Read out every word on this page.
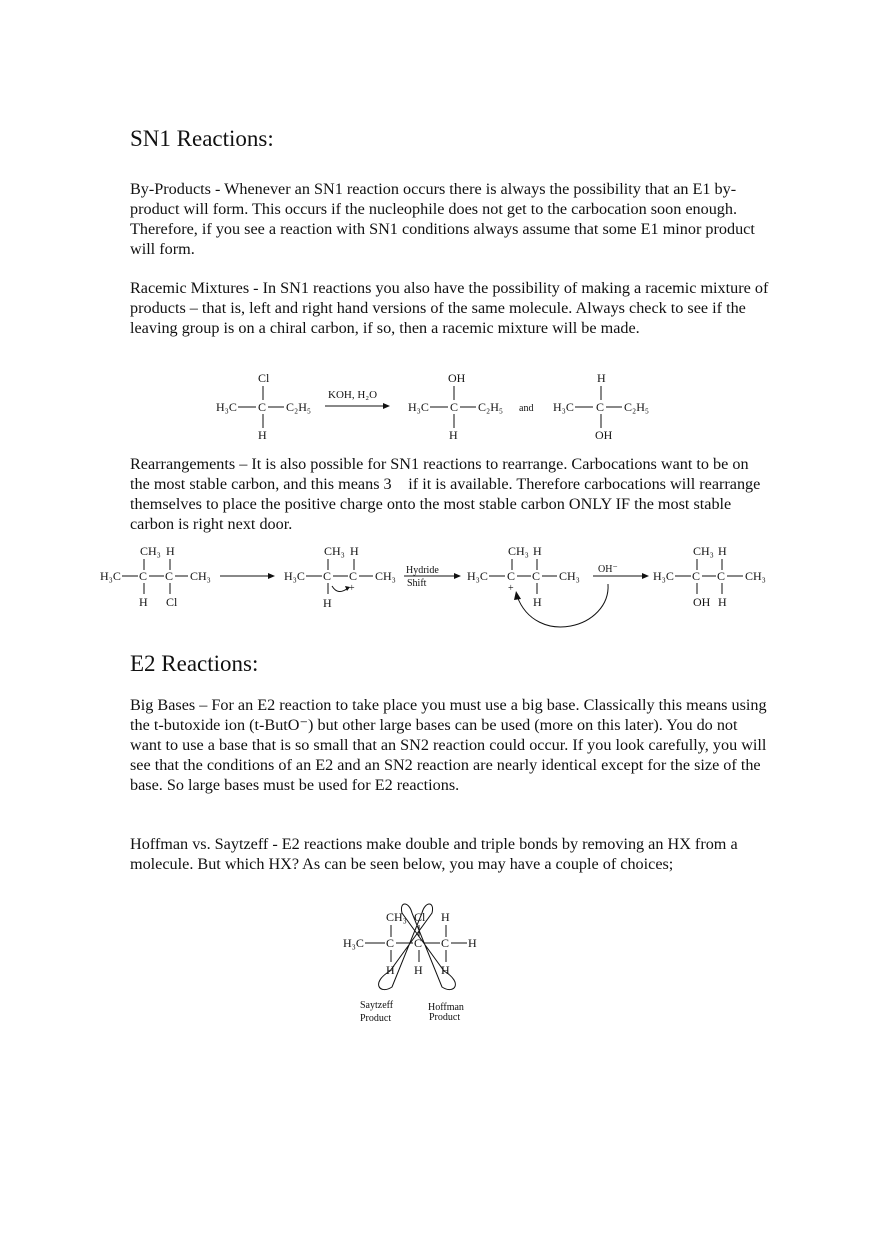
SN1 Reactions:

By-Products - Whenever an SN1 reaction occurs there is always the possibility that an E1 by-product will form. This occurs if the nucleophile does not get to the carbocation soon enough. Therefore, if you see a reaction with SN1 conditions always assume that some E1 minor product will form.

Racemic Mixtures - In SN1 reactions you also have the possibility of making a racemic mixture of products – that is, left and right hand versions of the same molecule. Always check to see if the leaving group is on a chiral carbon, if so, then a racemic mixture will be made.

Cl
H₃C C C₂H₅
H
KOH, H₂O
OH
H₃C C C₂H₅
H
and
H
H₃C C C₂H₅
OH

Rearrangements – It is also possible for SN1 reactions to rearrange. Carbocations want to be on the most stable carbon, and this means 3 if it is available. Therefore carbocations will rearrange themselves to place the positive charge onto the most stable carbon ONLY IF the most stable carbon is right next door.

CH₃ H
H₃C C C CH₃
H Cl
CH₃ H
H₃C C C CH₃
H
+
Hydride
Shift
CH₃ H
H₃C C C CH₃
+
H
OH⁻
CH₃ H
H₃C C C CH₃
OH H
E2 Reactions:

Big Bases – For an E2 reaction to take place you must use a big base. Classically this means using the t-butoxide ion (t-ButO⁻) but other large bases can be used (more on this later). You do not want to use a base that is so small that an SN2 reaction could occur. If you look carefully, you will see that the conditions of an E2 and an SN2 reaction are nearly identical except for the size of the base. So large bases must be used for E2 reactions.

Hoffman vs. Saytzeff - E2 reactions make double and triple bonds by removing an HX from a molecule. But which HX? As can be seen below, you may have a couple of choices;

CH₃ Cl H
H₃C C C C H
H H H
Saytzeff
Product
Hoffman
Product
